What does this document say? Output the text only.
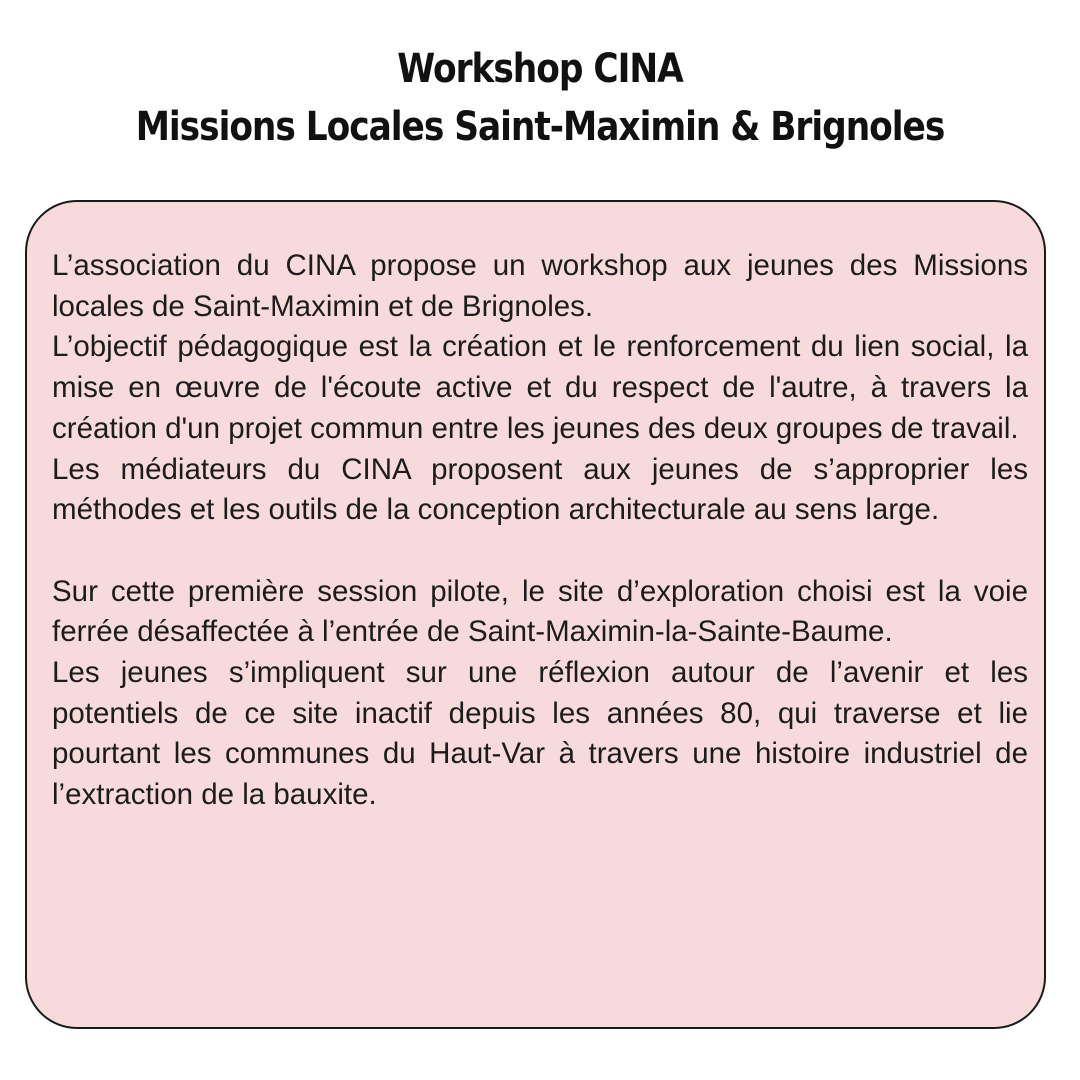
Workshop CINA
Missions Locales Saint-Maximin & Brignoles

L’association du CINA propose un workshop aux jeunes des Missions locales de Saint-Maximin et de Brignoles.

L’objectif pédagogique est la création et le renforcement du lien social, la mise en œuvre de l'écoute active et du respect de l'autre, à travers la création d'un projet commun entre les jeunes des deux groupes de travail.

Les médiateurs du CINA proposent aux jeunes de s’approprier les méthodes et les outils de la conception architecturale au sens large.

Sur cette première session pilote, le site d’exploration choisi est la voie ferrée désaffectée à l’entrée de Saint-Maximin-la-Sainte-Baume.

Les jeunes s’impliquent sur une réflexion autour de l’avenir et les potentiels de ce site inactif depuis les années 80, qui traverse et lie pourtant les communes du Haut-Var à travers une histoire industriel de l’extraction de la bauxite.
